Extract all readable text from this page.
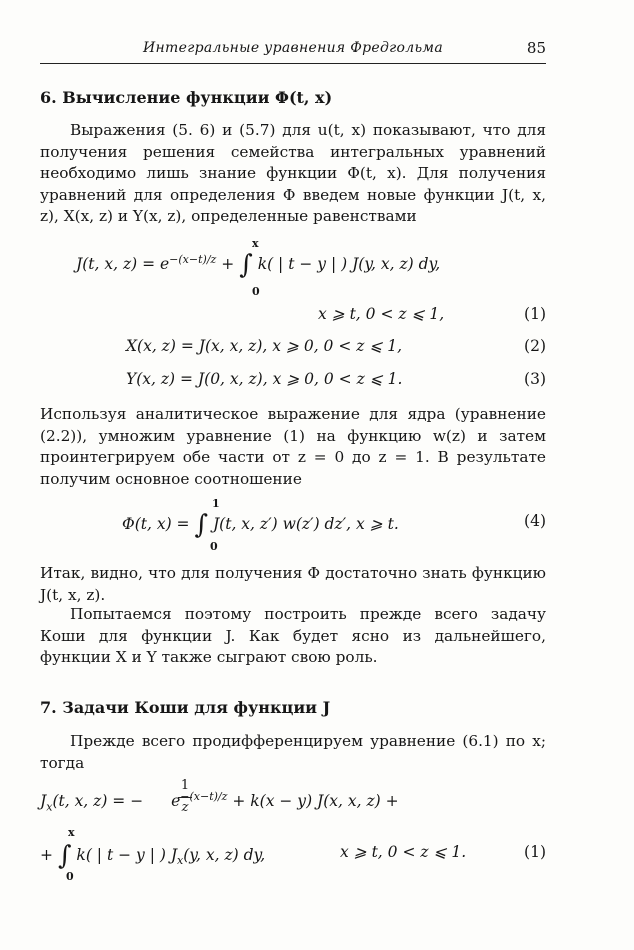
Интегральные уравнения Фредгольма	85
6. Вычисление функции Φ(t, x)

Выражения (5. 6) и (5.7) для u(t, x) показывают, что для получения решения семейства интегральных уравнений необходимо лишь знание функции Φ(t, x). Для получения уравнений для определения Φ введем новые функции J(t, x, z), X(x, z) и Y(x, z), определенные равенствами

J(t, x, $z) = e^{-(x-t)/z}$ + ∫ k( | t − y | ) J(y, x, z) dy,
x
0
x ⩾ t, 0 < z ⩽ 1,	(1)
X(x, z) = J(x, x, z), x ⩾ 0, 0 < z ⩽ 1,	(2)
Y(x, z) = J(0, x, z), x ⩾ 0, 0 < z ⩽ 1.	(3)

Используя аналитическое выражение для ядра (уравнение (2.2)), умножим уравнение (1) на функцию w(z) и затем проинтегрируем обе части от z = 0 до z = 1. В результате получим основное соотношение

Φ(t, x) = ∫ J(t, x, z′) w(z′) dz′, x ⩾ t.
1
0
(4)

Итак, видно, что для получения Φ достаточно знать функцию J(t, x, z).

Попытаемся поэтому построить прежде всего задачу Коши для функции J. Как будет ясно из дальнейшего, функции X и Y также сыграют свою роль.

7. Задачи Коши для функции J

Прежде всего продифференцируем уравнение (6.1) по x; тогда

$J_x(t$, x, z) = − $e^{-(x-t)/z} + k(x - y)$ J(x, x, z) +
1
z
+ ∫ k( | t − y | ) $J_x(y$, x, z) dy,
x
0
x ⩾ t, 0 < z ⩽ 1.	(1)
